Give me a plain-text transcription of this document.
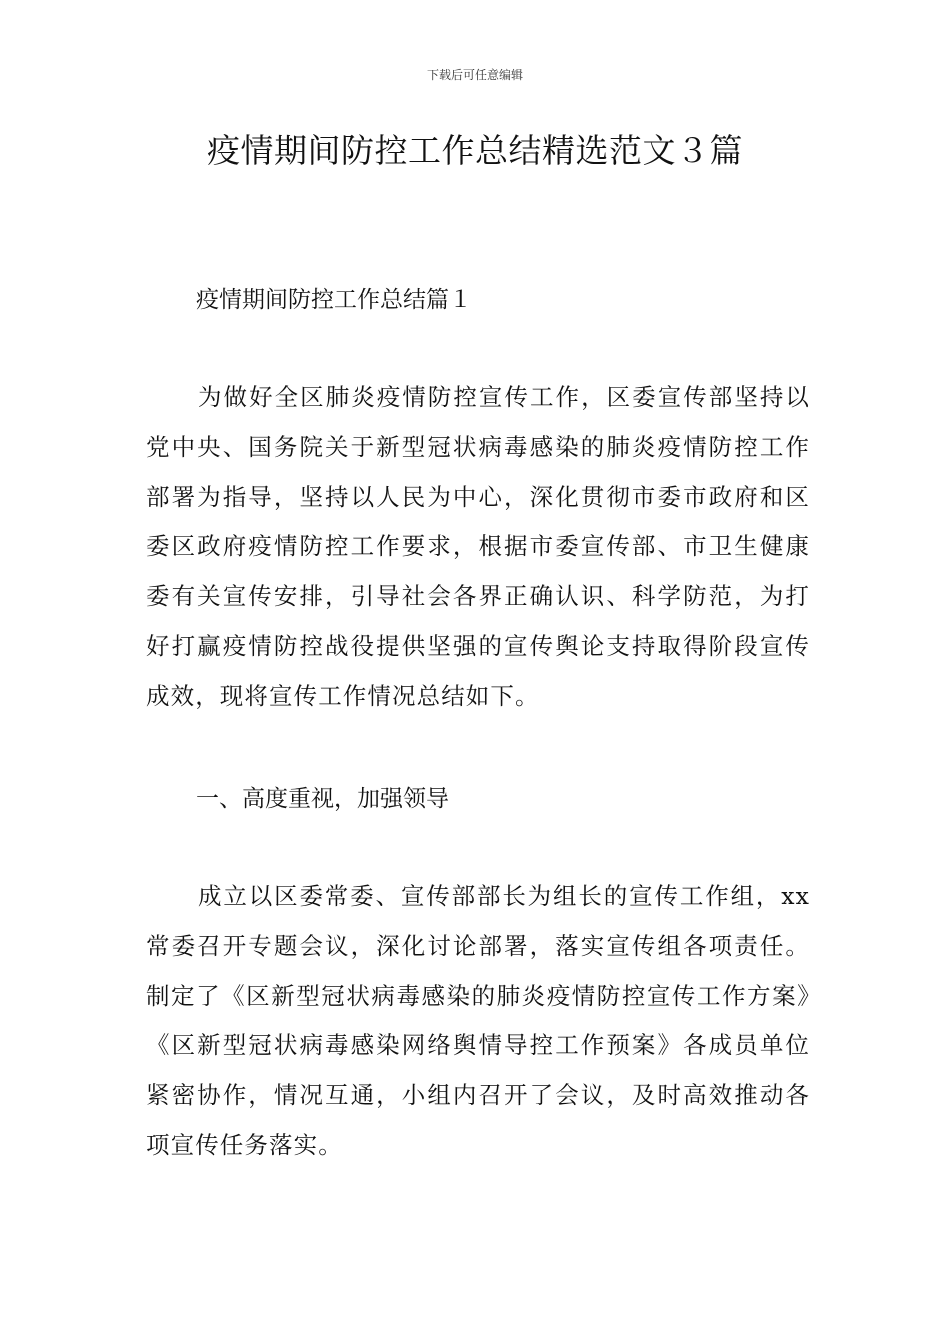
下载后可任意编辑
疫情期间防控工作总结精选范文３篇
疫情期间防控工作总结篇１

为做好全区肺炎疫情防控宣传工作，区委宣传部坚持以党中央、国务院关于新型冠状病毒感染的肺炎疫情防控工作部署为指导，坚持以人民为中心，深化贯彻市委市政府和区委区政府疫情防控工作要求，根据市委宣传部、市卫生健康委有关宣传安排，引导社会各界正确认识、科学防范，为打好打赢疫情防控战役提供坚强的宣传舆论支持取得阶段宣传成效，现将宣传工作情况总结如下。

一、高度重视，加强领导

成立以区委常委、宣传部部长为组长的宣传工作组，xx常委召开专题会议，深化讨论部署，落实宣传组各项责任。制定了《区新型冠状病毒感染的肺炎疫情防控宣传工作方案》《区新型冠状病毒感染网络舆情导控工作预案》各成员单位紧密协作，情况互通，小组内召开了会议，及时高效推动各项宣传任务落实。
